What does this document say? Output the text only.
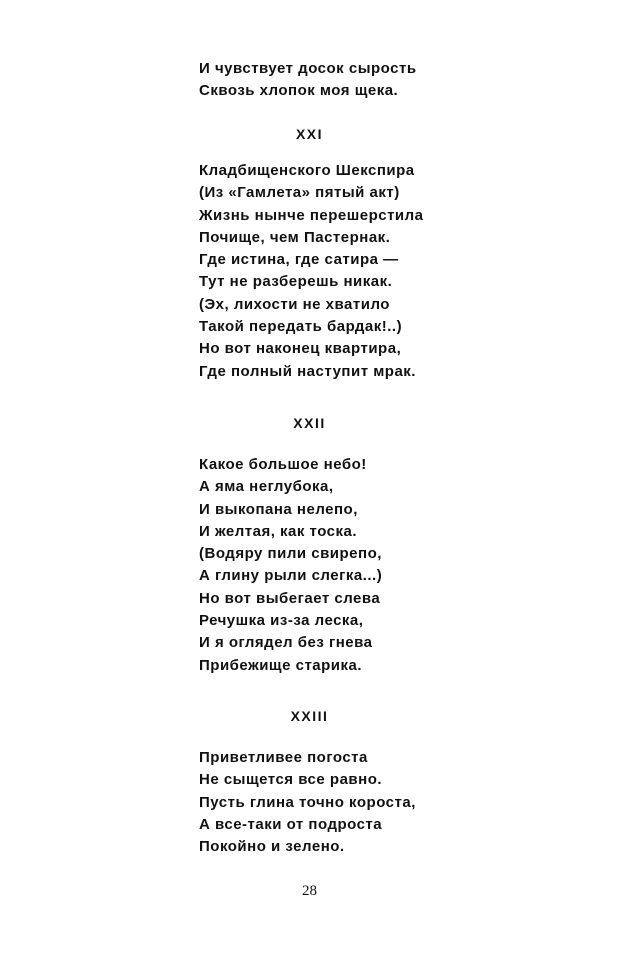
И чувствует досок сырость
Сквозь хлопок моя щека.
XXI
Кладбищенского Шекспира
(Из «Гамлета» пятый акт)
Жизнь нынче перешерстила
Почище, чем Пастернак.
Где истина, где сатира —
Тут не разберешь никак.
(Эх, лихости не хватило
Такой передать бардак!..)
Но вот наконец квартира,
Где полный наступит мрак.
XXII
Какое большое небо!
А яма неглубока,
И выкопана нелепо,
И желтая, как тоска.
(Водяру пили свирепо,
А глину рыли слегка...)
Но вот выбегает слева
Речушка из-за леска,
И я оглядел без гнева
Прибежище старика.
XXIII
Приветливее погоста
Не сыщется все равно.
Пусть глина точно короста,
А все-таки от подроста
Покойно и зелено.
28
